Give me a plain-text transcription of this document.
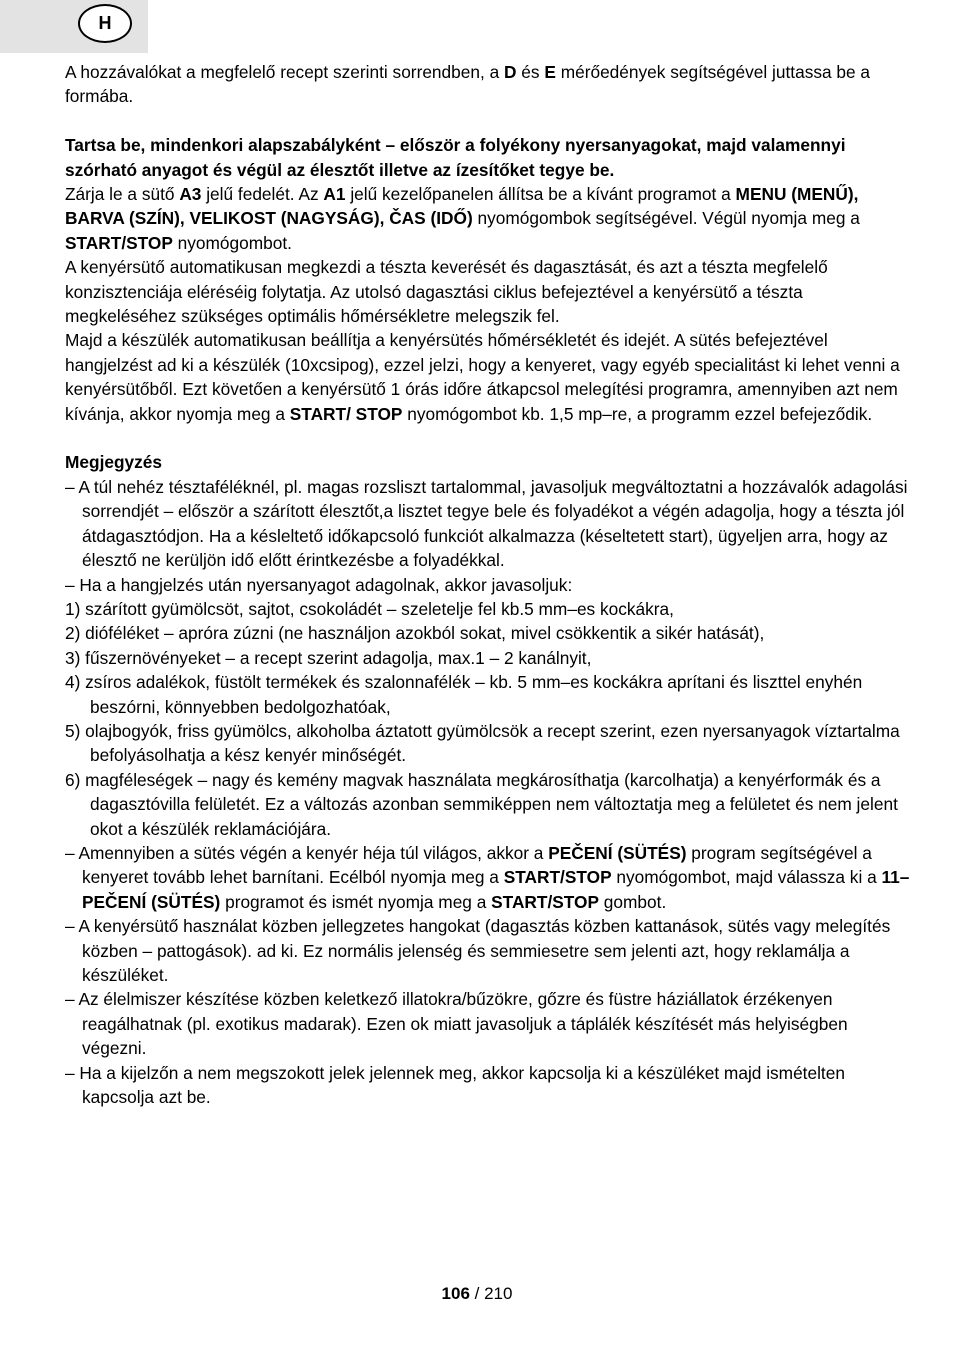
H

A hozzávalókat a megfelelő recept szerinti sorrendben, a D és E mérőedények segítségével juttassa be a formába.

Tartsa be, mindenkori alapszabályként – először a folyékony nyersanyagokat, majd valamennyi szórható anyagot és végül az élesztőt illetve az ízesítőket tegye be.

Zárja le a sütő A3 jelű fedelét. Az A1 jelű kezelőpanelen állítsa be a kívánt programot a MENU (MENŰ), BARVA (SZÍN), VELIKOST (NAGYSÁG), ČAS (IDŐ) nyomógombok segítségével. Végül nyomja meg a START/STOP nyomógombot.

A kenyérsütő automatikusan megkezdi a tészta keverését és dagasztását, és azt a tészta megfelelő konzisztenciája eléréséig folytatja. Az utolsó dagasztási ciklus befejeztével a kenyérsütő a tészta megkeléséhez szükséges optimális hőmérsékletre melegszik fel.

Majd a készülék automatikusan beállítja a kenyérsütés hőmérsékletét és idejét. A sütés befejeztével hangjelzést ad ki a készülék (10xcsipog), ezzel jelzi, hogy a kenyeret, vagy egyéb specialitást ki lehet venni a kenyérsütőből. Ezt követően a kenyérsütő 1 órás időre átkapcsol melegítési programra, amennyiben azt nem kívánja, akkor nyomja meg a START/ STOP nyomógombot kb. 1,5 mp–re, a programm ezzel befejeződik.

Megjegyzés

– A túl nehéz tésztaféléknél, pl. magas rozsliszt tartalommal, javasoljuk megváltoztatni a hozzávalók adagolási sorrendjét – először a szárított élesztőt,a lisztet tegye bele és folyadékot a végén adagolja, hogy a tészta jól átdagasztódjon. Ha a késleltető időkapcsoló funkciót alkalmazza (késeltetett start), ügyeljen arra, hogy az élesztő ne kerüljön idő előtt érintkezésbe a folyadékkal.

– Ha a hangjelzés után nyersanyagot adagolnak, akkor javasoljuk:

1) szárított gyümölcsöt, sajtot, csokoládét – szeletelje fel kb.5 mm–es kockákra,

2) dióféléket – apróra zúzni (ne használjon azokból sokat, mivel csökkentik a sikér hatását),

3) fűszernövényeket – a recept szerint adagolja, max.1 – 2 kanálnyit,

4) zsíros adalékok, füstölt termékek és szalonnafélék – kb. 5 mm–es kockákra aprítani és liszttel enyhén beszórni, könnyebben bedolgozhatóak,

5) olajbogyók, friss gyümölcs, alkoholba áztatott gyümölcsök a recept szerint, ezen nyersanyagok víztartalma befolyásolhatja a kész kenyér minőségét.

6) magféleségek – nagy és kemény magvak használata megkárosíthatja (karcolhatja) a kenyérformák és a dagasztóvilla felületét. Ez a változás azonban semmiképpen nem változtatja meg a felületet és nem jelent okot a készülék reklamációjára.

– Amennyiben a sütés végén a kenyér héja túl világos, akkor a PEČENÍ (SÜTÉS) program segítségével a kenyeret tovább lehet barnítani. Ecélból nyomja meg a START/STOP nyomógombot, majd válassza ki a 11–PEČENÍ (SÜTÉS) programot és ismét nyomja meg a START/STOP gombot.

– A kenyérsütő használat közben jellegzetes hangokat (dagasztás közben kattanások, sütés vagy melegítés közben – pattogások). ad ki. Ez normális jelenség és semmiesetre sem jelenti azt, hogy reklamálja a készüléket.

– Az élelmiszer készítése közben keletkező illatokra/bűzökre, gőzre és füstre háziállatok érzékenyen reagálhatnak (pl. exotikus madarak). Ezen ok miatt javasoljuk a táplálék készítését más helyiségben végezni.

– Ha a kijelzőn a nem megszokott jelek jelennek meg, akkor kapcsolja ki a készüléket majd ismételten kapcsolja azt be.

106 / 210
